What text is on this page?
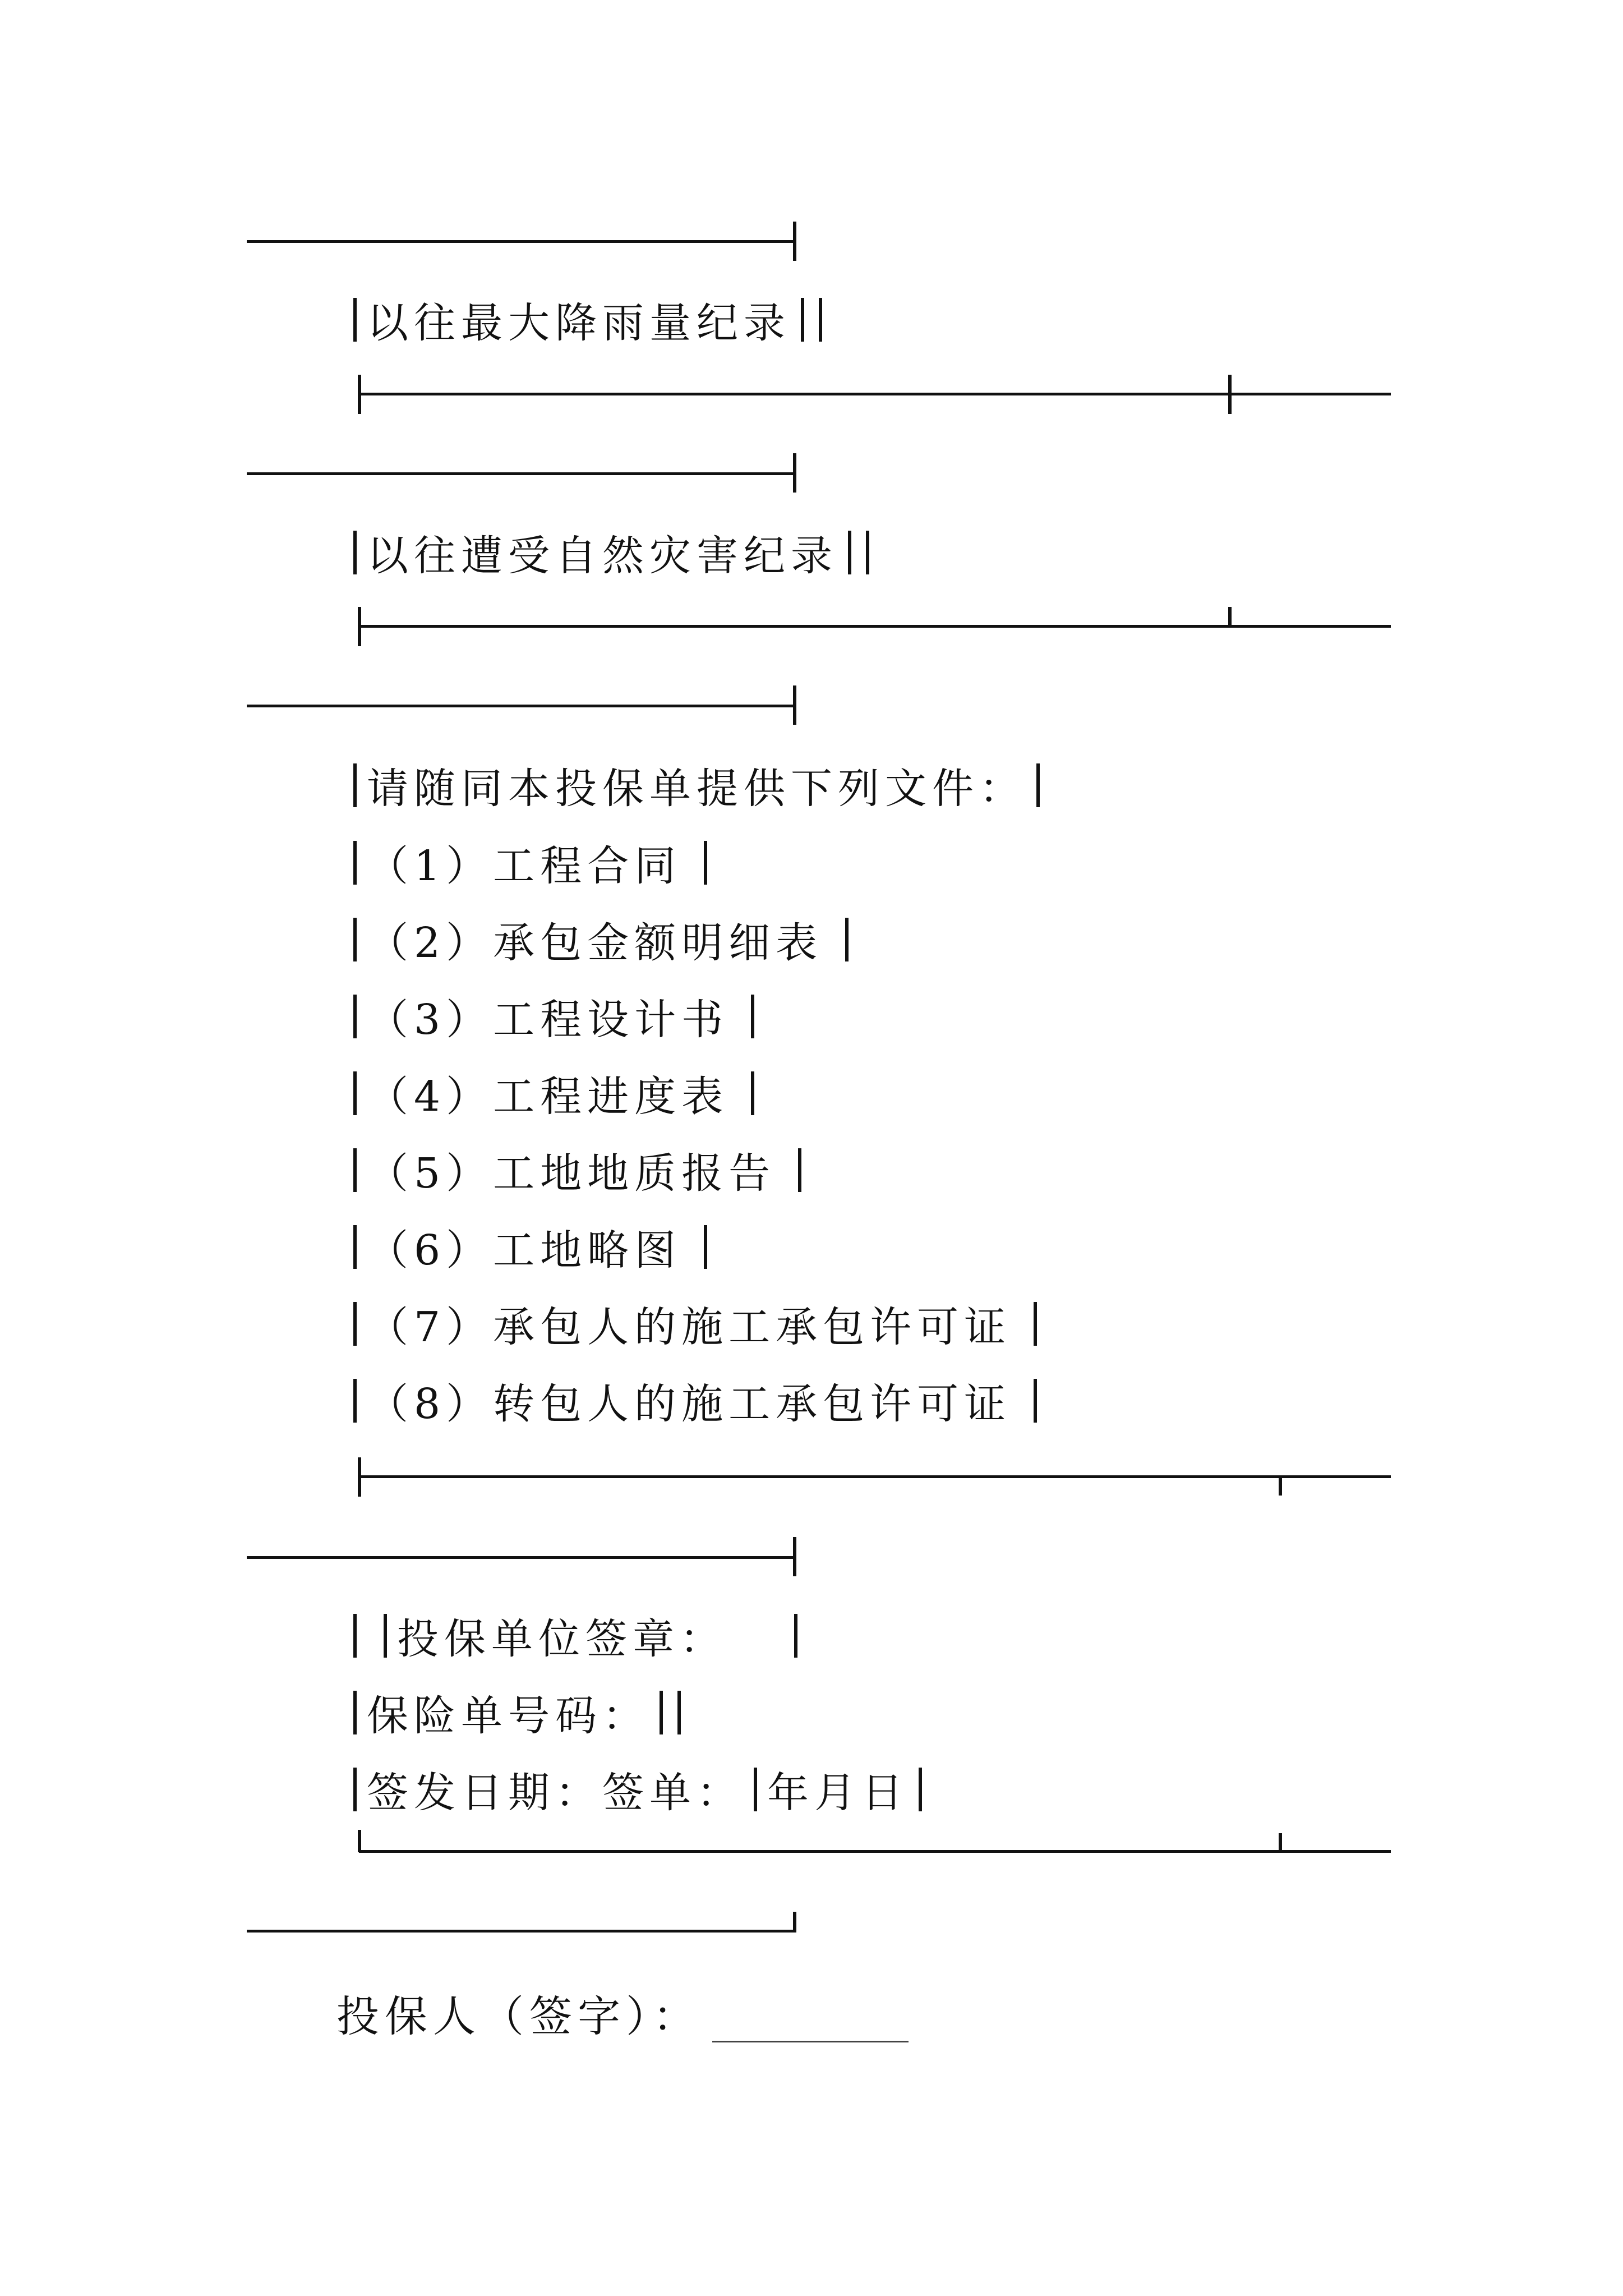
以往最大降雨量纪录
以往遭受自然灾害纪录
请随同本投保单提供下列文件：
（1）工程合同
（2）承包金额明细表
（3）工程设计书
（4）工程进度表
（5）工地地质报告
（6）工地略图
（7）承包人的施工承包许可证
（8）转包人的施工承包许可证
投保单位签章：
保险单号码：
签发日期：签单： 年月日
投保人（签字）：
